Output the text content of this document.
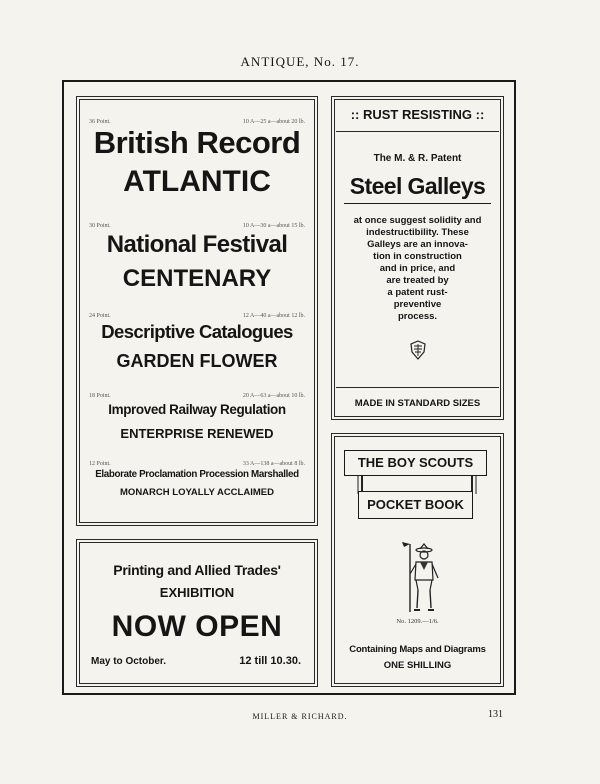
ANTIQUE, No. 17.
36 Point.	10 A—25 a—about 20 lb.
British Record
ATLANTIC
30 Point.	10 A—30 a—about 15 lb.
National Festival
CENTENARY
24 Point.	12 A—40 a—about 12 lb.
Descriptive Catalogues
GARDEN FLOWER
18 Point.	20 A—63 a—about 10 lb.
Improved Railway Regulation
ENTERPRISE RENEWED
12 Point.	33 A—138 a—about 8 lb.
Elaborate Proclamation Procession Marshalled
MONARCH LOYALLY ACCLAIMED
:: RUST RESISTING ::
The M. & R. Patent
Steel Galleys
at once suggest solidity and
indestructibility. These
Galleys are an innova-
tion in construction
and in price, and
are treated by
a patent rust-
preventive
process.
MADE IN STANDARD SIZES
Printing and Allied Trades'
EXHIBITION
NOW OPEN
May to October.	12 till 10.30.
THE BOY SCOUTS
POCKET BOOK
No. 1209.—1/6.
Containing Maps and Diagrams
ONE SHILLING
MILLER & RICHARD.	131
